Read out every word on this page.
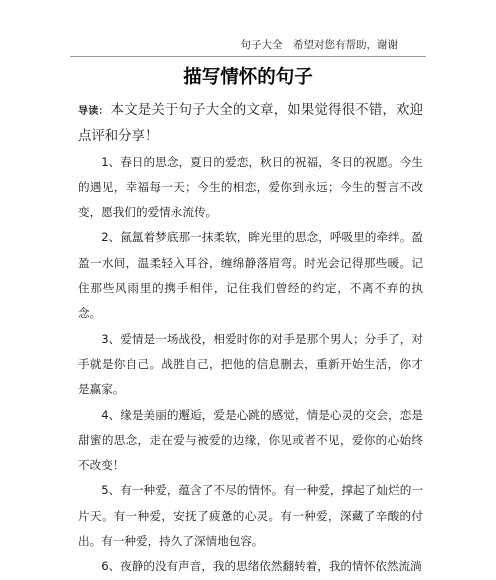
句子大全　希望对您有帮助，谢谢
描写情怀的句子

导读： 本文是关于句子大全的文章，如果觉得很不错，欢迎点评和分享！

1、春日的思念，夏日的爱恋，秋日的祝福，冬日的祝愿。今生的遇见，幸福每一天；今生的相恋，爱你到永远；今生的誓言不改变，愿我们的爱情永流传。

2、氤氲着梦底那一抹柔软，眸光里的思念，呼吸里的牵绊。盈盈一水间，温柔轻入耳谷，缠绵静落眉弯。时光会记得那些暖。记住那些风雨里的携手相伴，记住我们曾经的约定，不离不弃的执念。

3、爱情是一场战役，相爱时你的对手是那个男人；分手了，对手就是你自己。战胜自己，把他的信息删去，重新开始生活，你才是赢家。

4、缘是美丽的邂逅，爱是心跳的感觉，情是心灵的交会，恋是甜蜜的思念，走在爱与被爱的边缘，你见或者不见，爱你的心始终不改变！

5、有一种爱，蕴含了不尽的情怀。有一种爱，撑起了灿烂的一片天。有一种爱，安抚了疲惫的心灵。有一种爱，深藏了辛酸的付出。有一种爱，持久了深情地包容。

6、夜静的没有声音，我的思绪依然翻转着，我的情怀依然流淌
